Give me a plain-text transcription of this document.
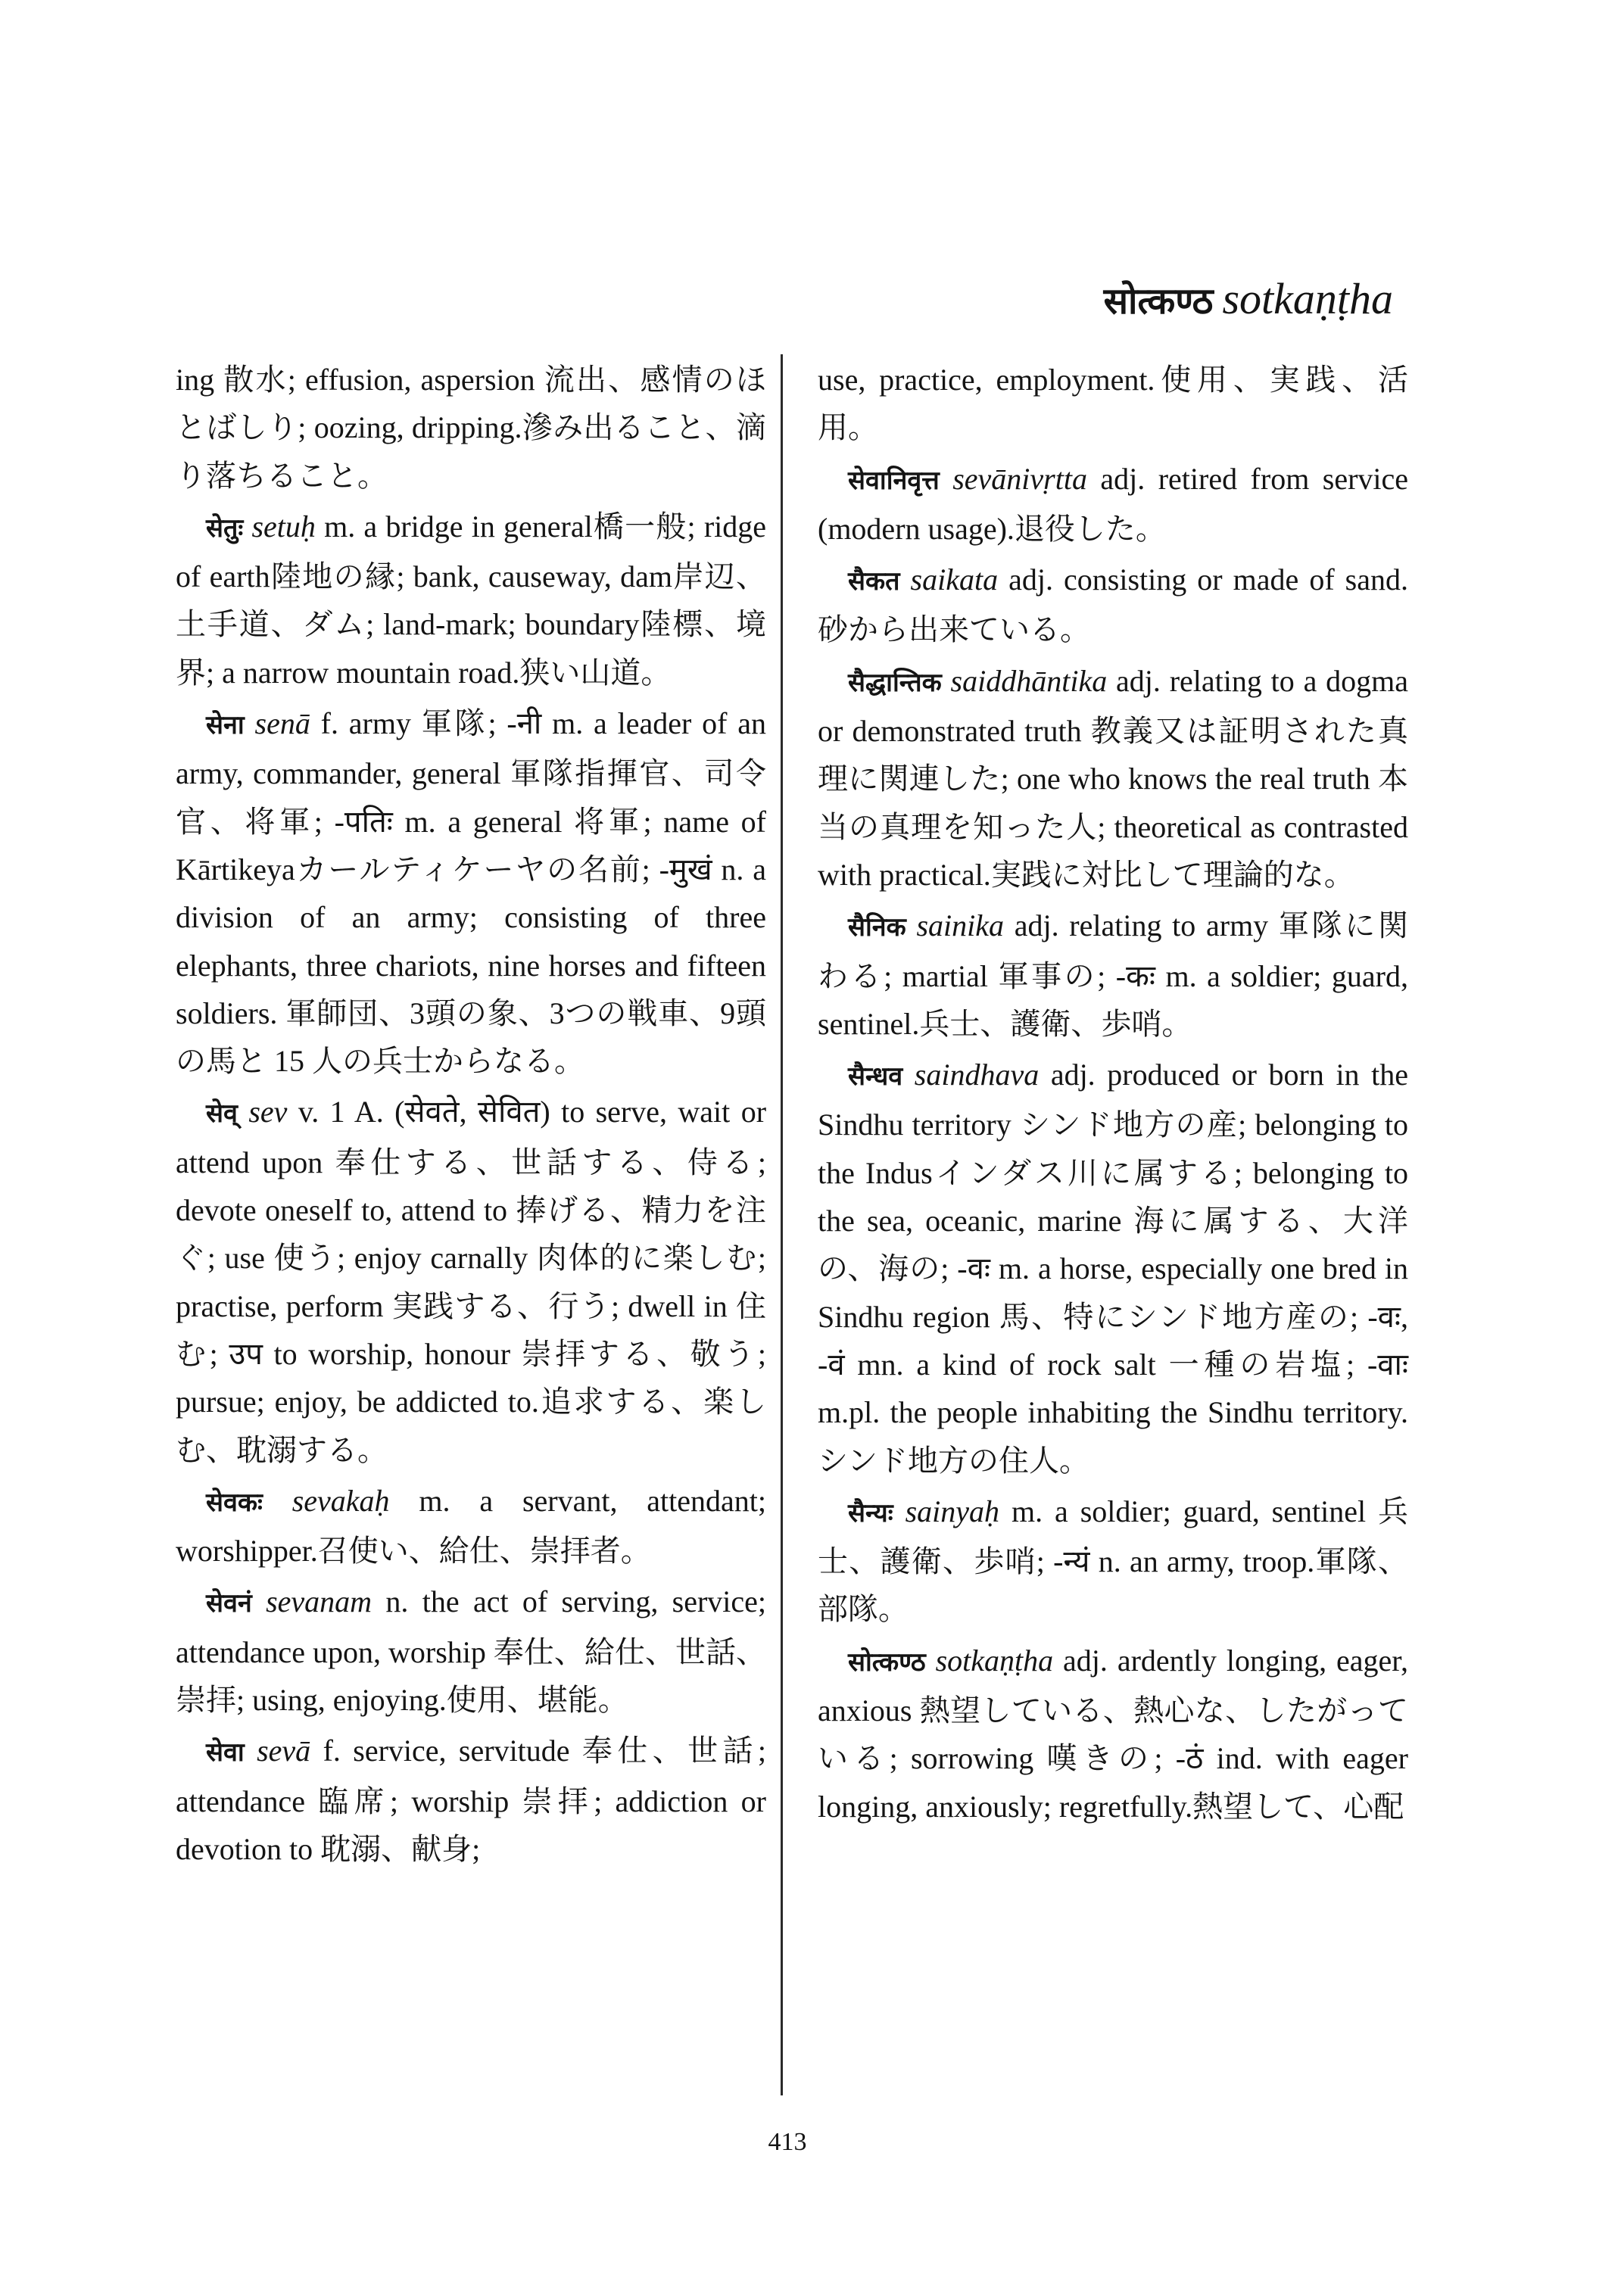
सोत्कण्ठ sotkaṇṭha

ing 散水; effusion, aspersion 流出、感情のほとばしり; oozing, dripping.滲み出ること、滴り落ちること。

सेतुः setuḥ m. a bridge in general橋一般; ridge of earth陸地の縁; bank, causeway, dam岸辺、土手道、ダム; land-mark; boundary陸標、境界; a narrow mountain road.狭い山道。

सेना senā f. army 軍隊; -नी m. a leader of an army, commander, general 軍隊指揮官、司令官、将軍; -पतिः m. a general 将軍; name of Kārtikeyaカールティケーヤの名前; -मुखं n. a division of an army; consisting of three elephants, three chariots, nine horses and fifteen soldiers. 軍師団、3頭の象、3つの戦車、9頭の馬と 15 人の兵士からなる。

सेव् sev v. 1 A. (सेवते, सेवित) to serve, wait or attend upon 奉仕する、世話する、侍る; devote oneself to, attend to 捧げる、精力を注ぐ; use 使う; enjoy carnally 肉体的に楽しむ; practise, perform 実践する、行う; dwell in 住む; उप to worship, honour 崇拝する、敬う; pursue; enjoy, be addicted to.追求する、楽しむ、耽溺する。

सेवकः sevakaḥ m. a servant, attendant; worshipper.召使い、給仕、崇拝者。

सेवनं sevanam n. the act of serving, service; attendance upon, worship 奉仕、給仕、世話、崇拝; using, enjoying.使用、堪能。

सेवा sevā f. service, servitude 奉仕、世話; attendance 臨席; worship 崇拝; addiction or devotion to 耽溺、献身;

use, practice, employment.使用、実践、活用。

सेवानिवृत्त sevānivṛtta adj. retired from service (modern usage).退役した。

सैकत saikata adj. consisting or made of sand.砂から出来ている。

सैद्धान्तिक saiddhāntika adj. relating to a dogma or demonstrated truth 教義又は証明された真理に関連した; one who knows the real truth 本当の真理を知った人; theoretical as contrasted with practical.実践に対比して理論的な。

सैनिक sainika adj. relating to army 軍隊に関わる; martial 軍事の; -कः m. a soldier; guard, sentinel.兵士、護衛、歩哨。

सैन्धव saindhava adj. produced or born in the Sindhu territory シンド地方の産; belonging to the Indusインダス川に属する; belonging to the sea, oceanic, marine 海に属する、大洋の、海の; -वः m. a horse, especially one bred in Sindhu region 馬、特にシンド地方産の; -वः, -वं mn. a kind of rock salt 一種の岩塩; -वाः m.pl. the people inhabiting the Sindhu territory.シンド地方の住人。

सैन्यः sainyaḥ m. a soldier; guard, sentinel 兵士、護衛、歩哨; -न्यं n. an army, troop.軍隊、部隊。

सोत्कण्ठ sotkaṇṭha adj. ardently longing, eager, anxious 熱望している、熱心な、したがっている; sorrowing 嘆きの; -ठं ind. with eager longing, anxiously; regretfully.熱望して、心配

413
